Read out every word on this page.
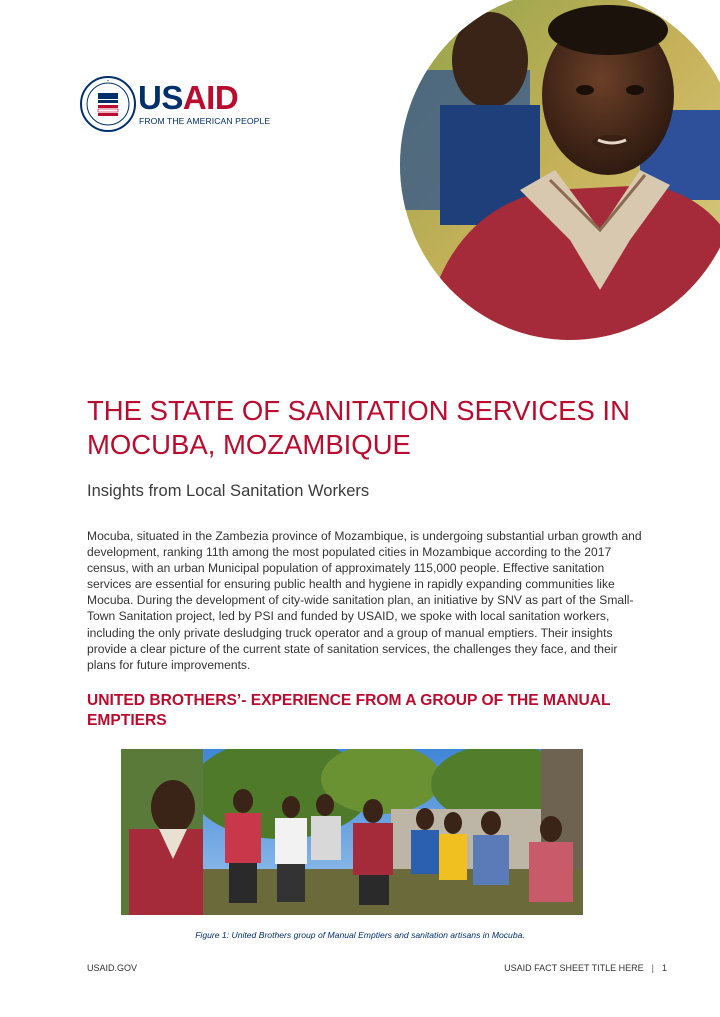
USAID
FROM THE AMERICAN PEOPLE
THE STATE OF SANITATION SERVICES IN MOCUBA, MOZAMBIQUE
Insights from Local Sanitation Workers

Mocuba, situated in the Zambezia province of Mozambique, is undergoing substantial urban growth and development, ranking 11th among the most populated cities in Mozambique according to the 2017 census, with an urban Municipal population of approximately 115,000 people. Effective sanitation services are essential for ensuring public health and hygiene in rapidly expanding communities like Mocuba. During the development of city-wide sanitation plan, an initiative by SNV as part of the Small-Town Sanitation project, led by PSI and funded by USAID, we spoke with local sanitation workers, including the only private desludging truck operator and a group of manual emptiers. Their insights provide a clear picture of the current state of sanitation services, the challenges they face, and their plans for future improvements.

UNITED BROTHERS’- EXPERIENCE FROM A GROUP OF THE MANUAL EMPTIERS
Figure 1: United Brothers group of Manual Emptiers and sanitation artisans in Mocuba.
USAID.GOV	USAID FACT SHEET TITLE HERE | 1
